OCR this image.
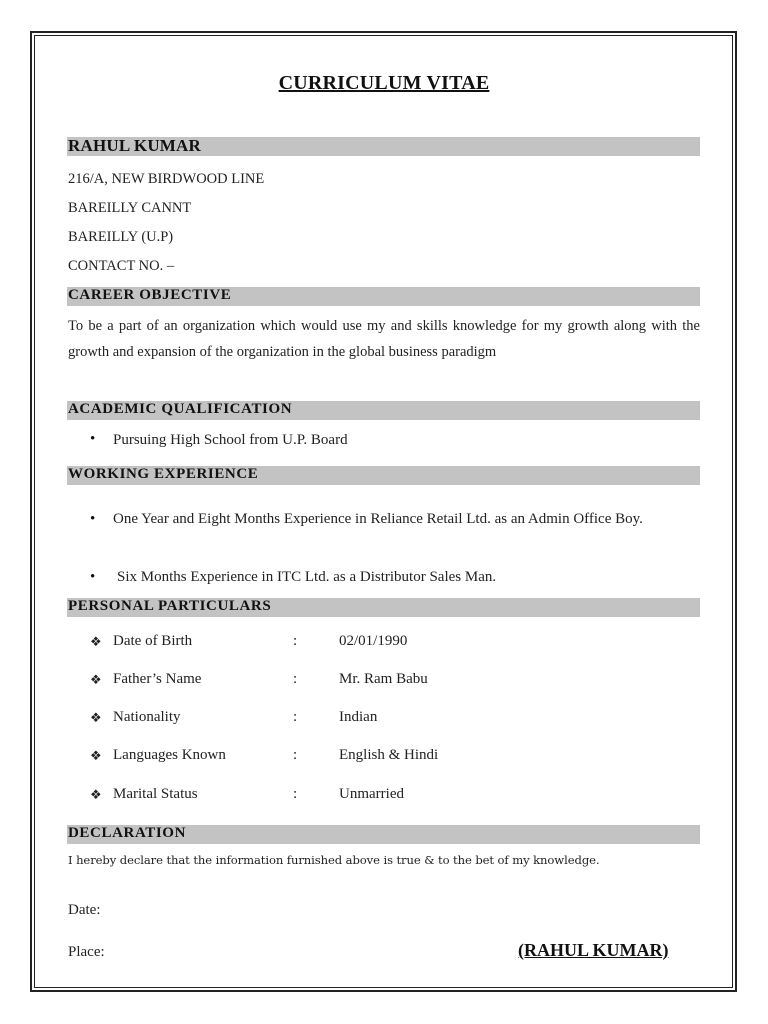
CURRICULUM VITAE
RAHUL KUMAR
216/A, NEW BIRDWOOD LINE
BAREILLY CANNT
BAREILLY (U.P)
CONTACT NO. –
CAREER OBJECTIVE
To be a part of an organization which would use my and skills knowledge for my growth along with the growth and expansion of the organization in the global business paradigm
ACADEMIC QUALIFICATION
• Pursuing High School from U.P. Board
WORKING EXPERIENCE
• One Year and Eight Months Experience in Reliance Retail Ltd. as an Admin Office Boy.
• Six Months Experience in ITC Ltd. as a Distributor Sales Man.
PERSONAL PARTICULARS
❖ Date of Birth	:	02/01/1990
❖ Father’s Name	:	Mr. Ram Babu
❖ Nationality	:	Indian
❖ Languages Known	:	English & Hindi
❖ Marital Status	:	Unmarried
DECLARATION
I hereby declare that the information furnished above is true & to the bet of my knowledge.
Date:
Place:	(RAHUL KUMAR)
